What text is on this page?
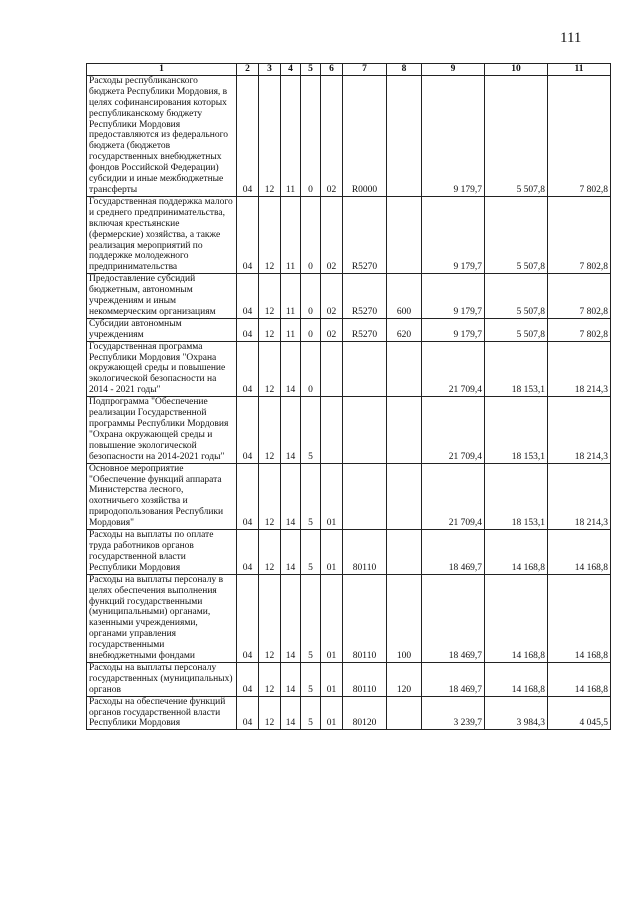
111
1	2	3	4	5	6	7	8	9	10	11
Расходы республиканского бюджета Республики Мордовия, в целях софинансирования которых республиканскому бюджету Республики Мордовия предоставляются из федерального бюджета (бюджетов государственных внебюджетных фондов Российской Федерации) субсидии и иные межбюджетные трансферты	04	12	11	0	02	R0000		9 179,7	5 507,8	7 802,8
Государственная поддержка малого и среднего предпринимательства, включая крестьянские (фермерские) хозяйства, а также реализация мероприятий по поддержке молодежного предпринимательства	04	12	11	0	02	R5270		9 179,7	5 507,8	7 802,8
Предоставление субсидий бюджетным, автономным учреждениям и иным некоммерческим организациям	04	12	11	0	02	R5270	600	9 179,7	5 507,8	7 802,8
Субсидии автономным учреждениям	04	12	11	0	02	R5270	620	9 179,7	5 507,8	7 802,8
Государственная программа Республики Мордовия "Охрана окружающей среды и повышение экологической безопасности на 2014 - 2021 годы"	04	12	14	0				21 709,4	18 153,1	18 214,3
Подпрограмма "Обеспечение реализации Государственной программы Республики Мордовия "Охрана окружающей среды и повышение экологической безопасности на 2014-2021 годы"	04	12	14	5				21 709,4	18 153,1	18 214,3
Основное мероприятие "Обеспечение функций аппарата Министерства лесного, охотничьего хозяйства и природопользования Республики Мордовия"	04	12	14	5	01			21 709,4	18 153,1	18 214,3
Расходы на выплаты по оплате труда работников органов государственной власти Республики Мордовия	04	12	14	5	01	80110		18 469,7	14 168,8	14 168,8
Расходы на выплаты персоналу в целях обеспечения выполнения функций государственными (муниципальными) органами, казенными учреждениями, органами управления государственными внебюджетными фондами	04	12	14	5	01	80110	100	18 469,7	14 168,8	14 168,8
Расходы на выплаты персоналу государственных (муниципальных) органов	04	12	14	5	01	80110	120	18 469,7	14 168,8	14 168,8
Расходы на обеспечение функций органов государственной власти Республики Мордовия	04	12	14	5	01	80120		3 239,7	3 984,3	4 045,5
